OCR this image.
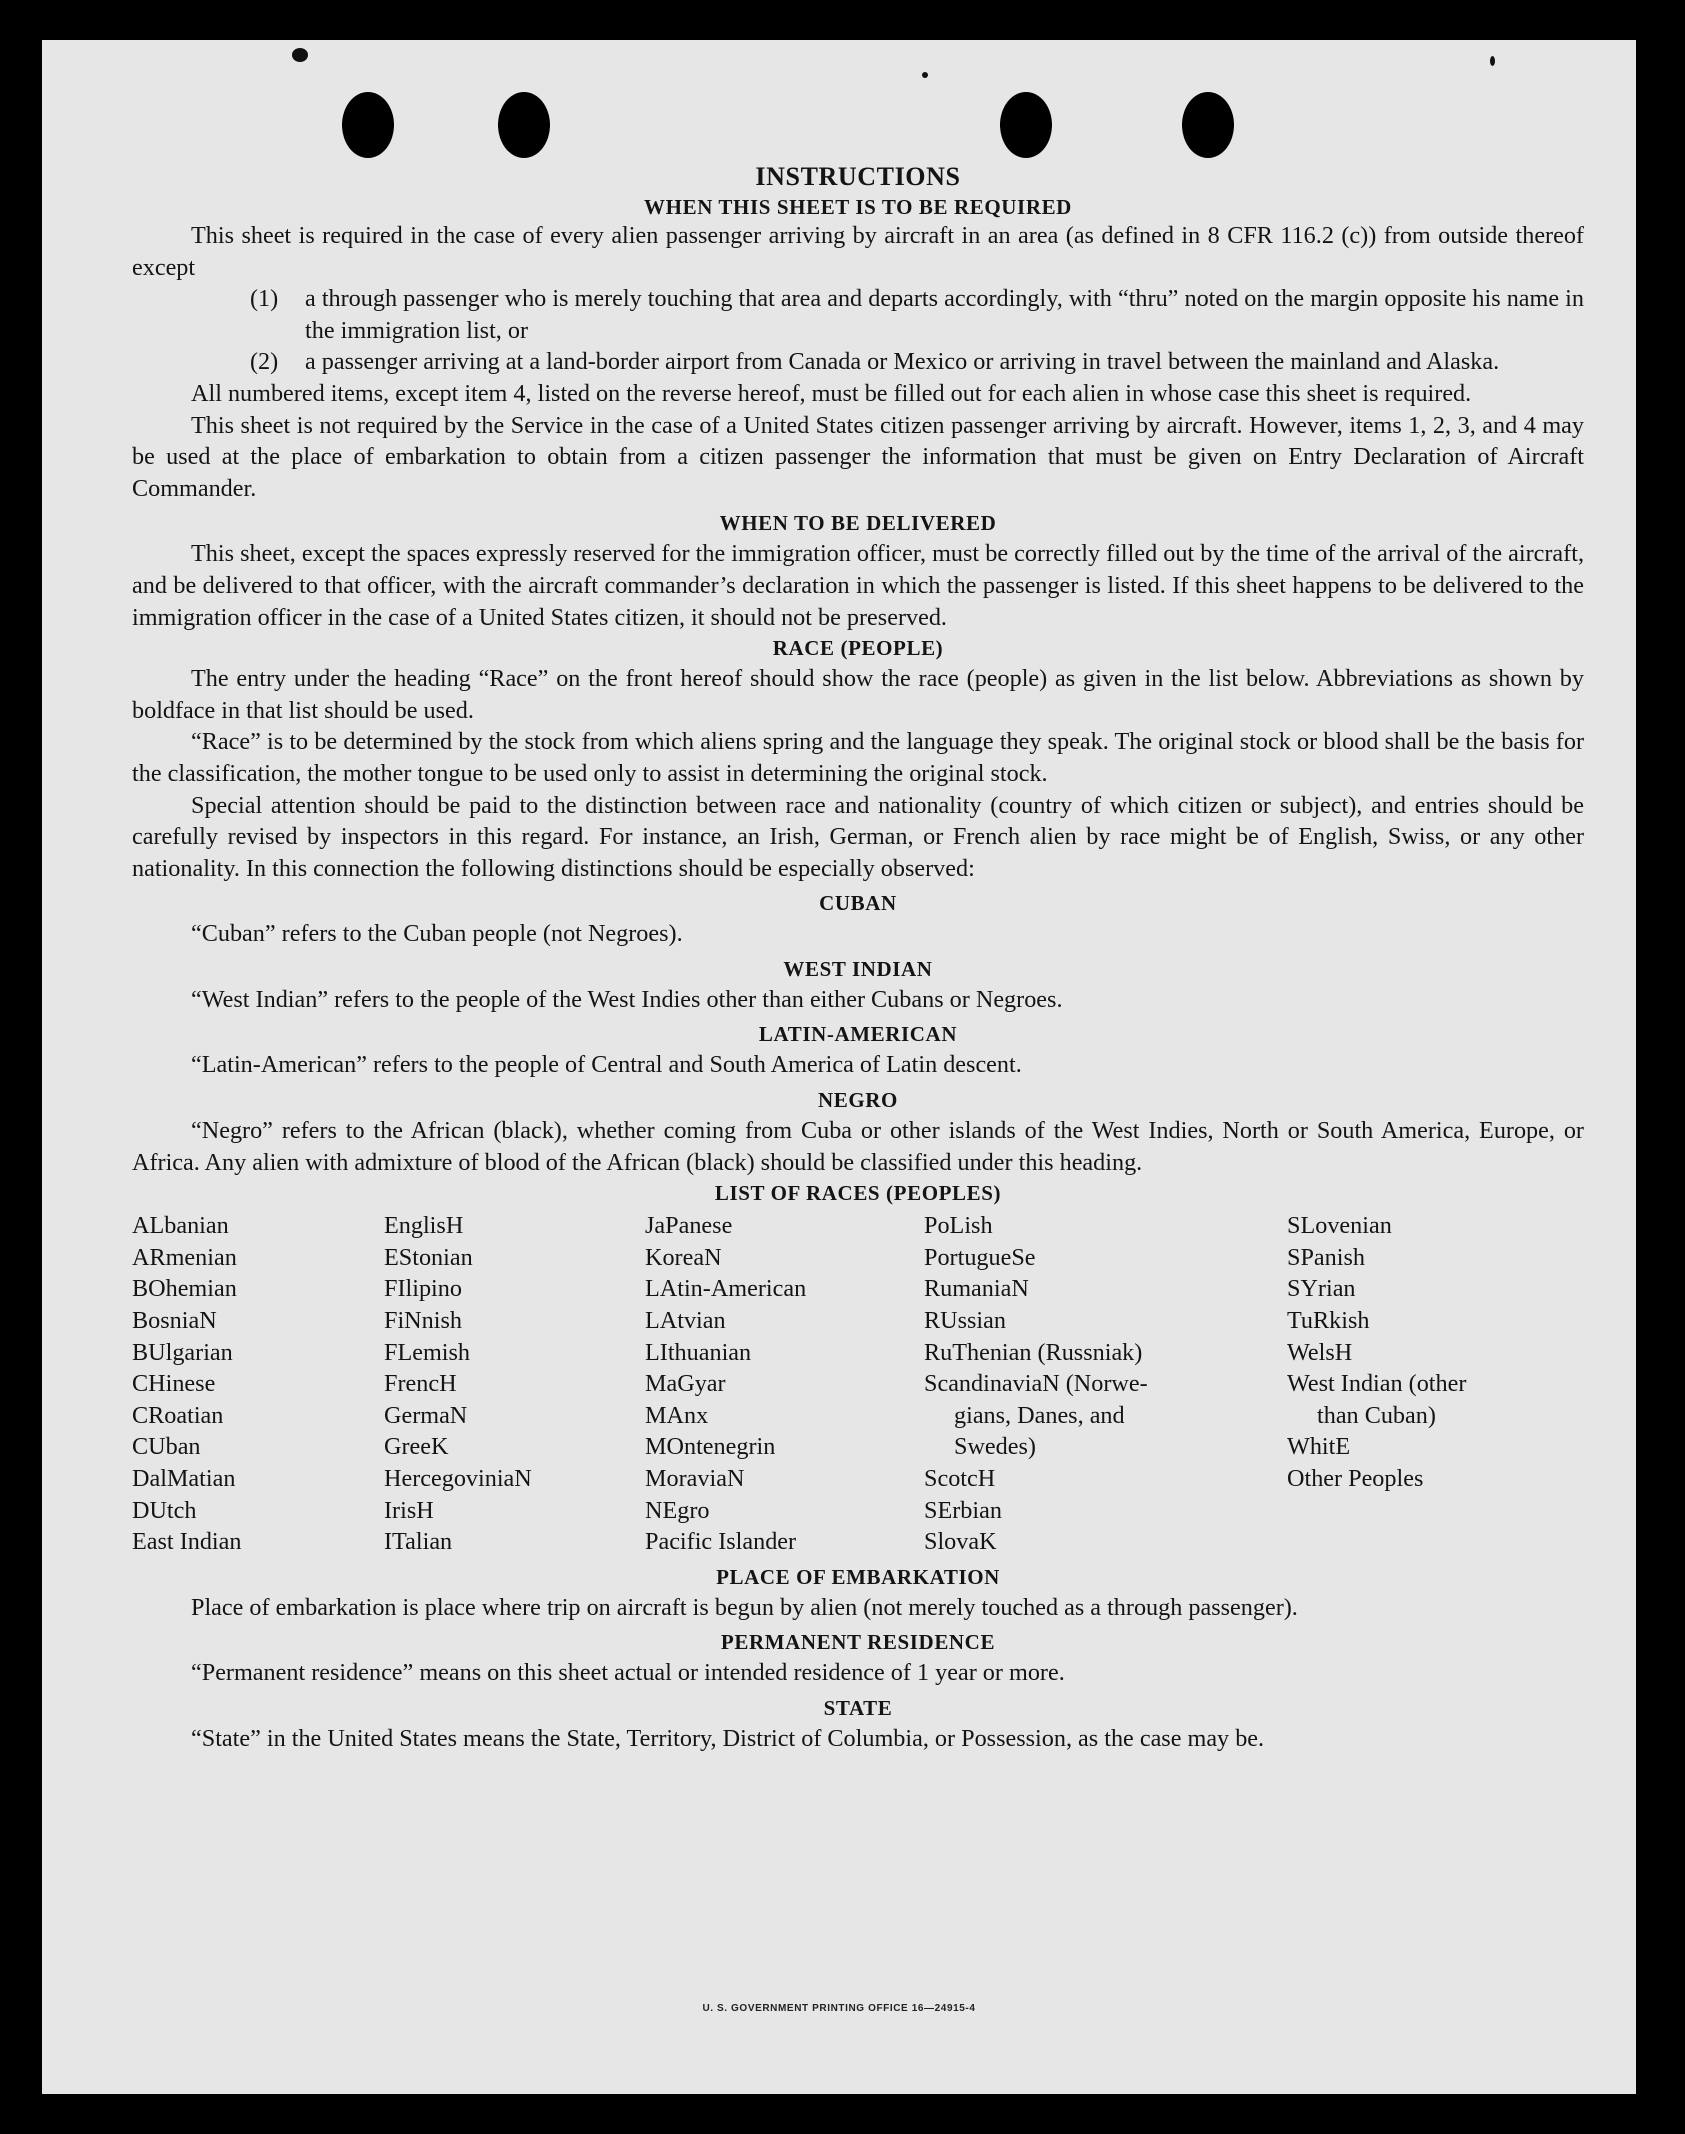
INSTRUCTIONS
WHEN THIS SHEET IS TO BE REQUIRED

This sheet is required in the case of every alien passenger arriving by aircraft in an area (as defined in 8 CFR 116.2 (c)) from outside thereof except

(1)	a through passenger who is merely touching that area and departs accordingly, with “thru” noted on the margin opposite his name in the immigration list, or
(2)	a passenger arriving at a land-border airport from Canada or Mexico or arriving in travel between the mainland and Alaska.

All numbered items, except item 4, listed on the reverse hereof, must be filled out for each alien in whose case this sheet is required.

This sheet is not required by the Service in the case of a United States citizen passenger arriving by aircraft. However, items 1, 2, 3, and 4 may be used at the place of embarkation to obtain from a citizen passenger the information that must be given on Entry Declaration of Aircraft Commander.

WHEN TO BE DELIVERED

This sheet, except the spaces expressly reserved for the immigration officer, must be correctly filled out by the time of the arrival of the aircraft, and be delivered to that officer, with the aircraft commander’s declaration in which the passenger is listed. If this sheet happens to be delivered to the immigration officer in the case of a United States citizen, it should not be preserved.

RACE (PEOPLE)

The entry under the heading “Race” on the front hereof should show the race (people) as given in the list below. Abbreviations as shown by boldface in that list should be used.

“Race” is to be determined by the stock from which aliens spring and the language they speak. The original stock or blood shall be the basis for the classification, the mother tongue to be used only to assist in determining the original stock.

Special attention should be paid to the distinction between race and nationality (country of which citizen or subject), and entries should be carefully revised by inspectors in this regard. For instance, an Irish, German, or French alien by race might be of English, Swiss, or any other nationality. In this connection the following distinctions should be especially observed:

CUBAN
“Cuban” refers to the Cuban people (not Negroes).
WEST INDIAN
“West Indian” refers to the people of the West Indies other than either Cubans or Negroes.
LATIN-AMERICAN
“Latin-American” refers to the people of Central and South America of Latin descent.
NEGRO

“Negro” refers to the African (black), whether coming from Cuba or other islands of the West Indies, North or South America, Europe, or Africa. Any alien with admixture of blood of the African (black) should be classified under this heading.

LIST OF RACES (PEOPLES)
ALbanian
ARmenian
BOhemian
BosniaN
BUlgarian
CHinese
CRoatian
CUban
DalMatian
DUtch
East Indian
EnglisH
EStonian
FIlipino
FiNnish
FLemish
FrencH
GermaN
GreeK
HercegoviniaN
IrisH
ITalian
JaPanese
KoreaN
LAtin-American
LAtvian
LIthuanian
MaGyar
MAnx
MOntenegrin
MoraviaN
NEgro
Pacific Islander
PoLish
PortugueSe
RumaniaN
RUssian
RuThenian (Russniak)
ScandinaviaN (Norwe-
gians, Danes, and
Swedes)
ScotcH
SErbian
SlovaK
SLovenian
SPanish
SYrian
TuRkish
WelsH
West Indian (other
than Cuban)
WhitE
Other Peoples
PLACE OF EMBARKATION

Place of embarkation is place where trip on aircraft is begun by alien (not merely touched as a through passenger).

PERMANENT RESIDENCE
“Permanent residence” means on this sheet actual or intended residence of 1 year or more.
STATE

“State” in the United States means the State, Territory, District of Columbia, or Possession, as the case may be.

U. S. GOVERNMENT PRINTING OFFICE 16—24915-4
